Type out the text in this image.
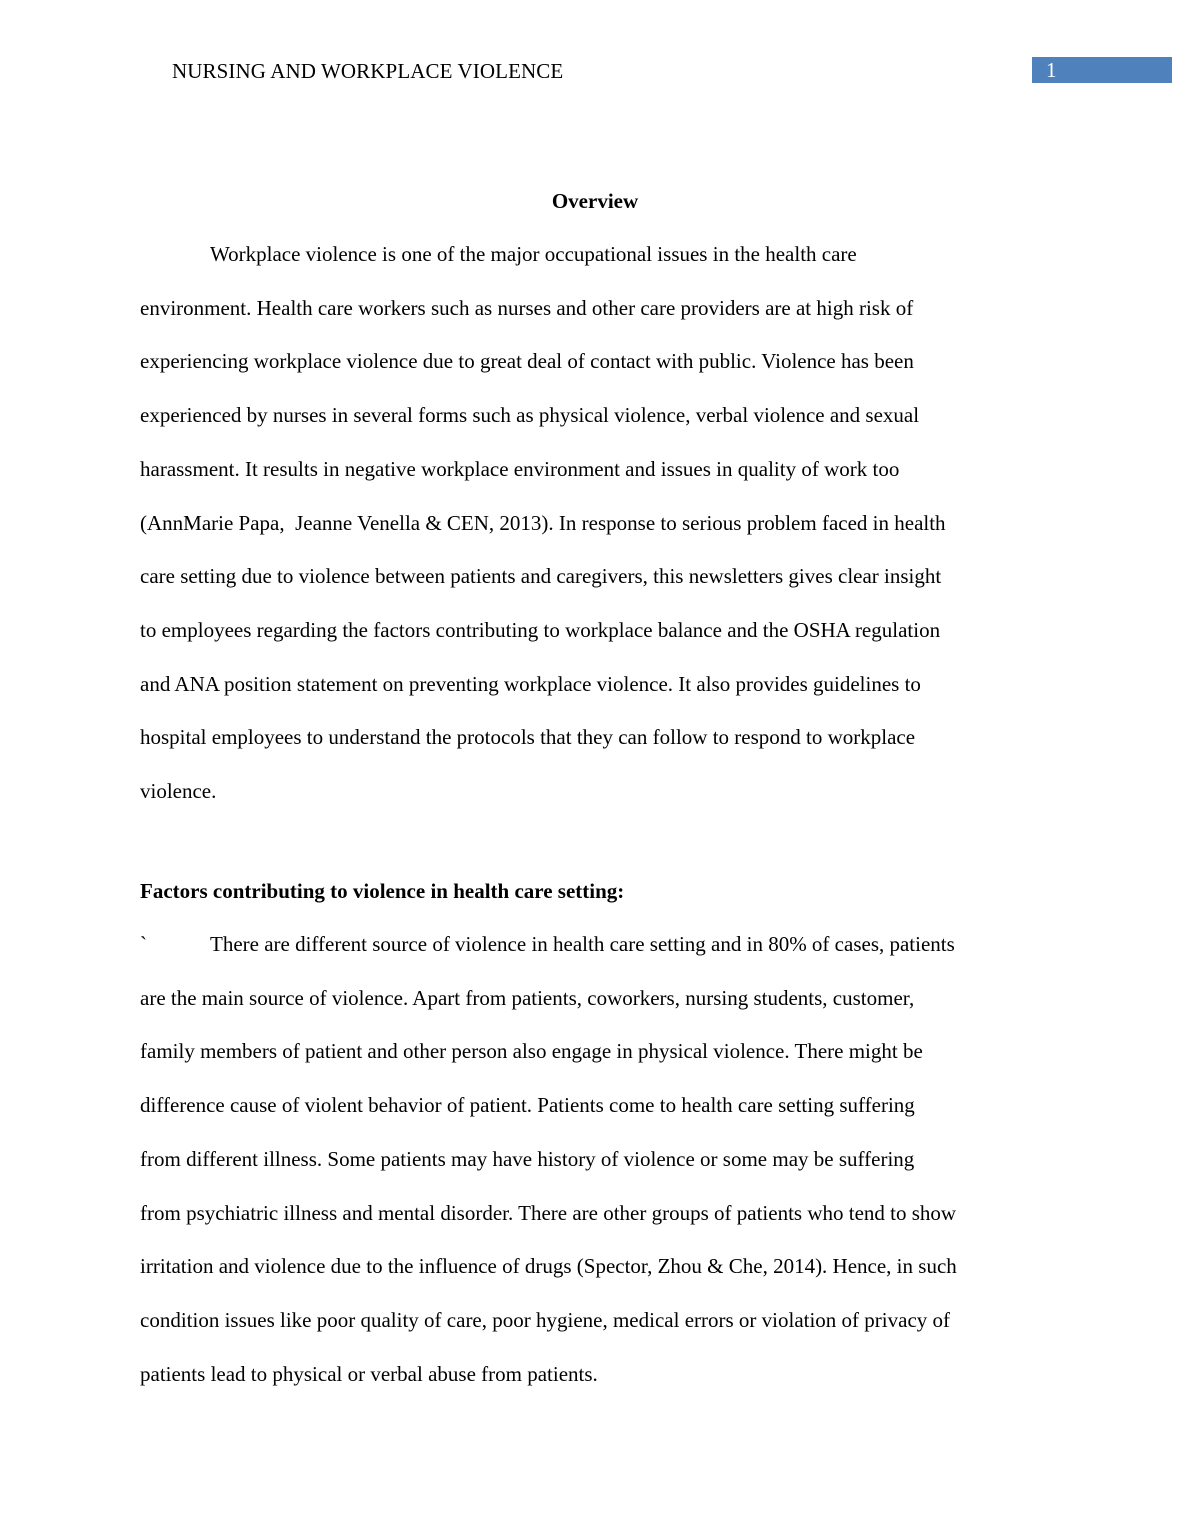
NURSING AND WORKPLACE VIOLENCE	1
Overview

Workplace violence is one of the major occupational issues in the health care
environment. Health care workers such as nurses and other care providers are at high risk of
experiencing workplace violence due to great deal of contact with public. Violence has been
experienced by nurses in several forms such as physical violence, verbal violence and sexual
harassment. It results in negative workplace environment and issues in quality of work too
(AnnMarie Papa,  Jeanne Venella & CEN, 2013). In response to serious problem faced in health
care setting due to violence between patients and caregivers, this newsletters gives clear insight
to employees regarding the factors contributing to workplace balance and the OSHA regulation
and ANA position statement on preventing workplace violence. It also provides guidelines to
hospital employees to understand the protocols that they can follow to respond to workplace
violence.

Factors contributing to violence in health care setting:

`	There are different source of violence in health care setting and in 80% of cases, patients
are the main source of violence. Apart from patients, coworkers, nursing students, customer,
family members of patient and other person also engage in physical violence. There might be
difference cause of violent behavior of patient. Patients come to health care setting suffering
from different illness. Some patients may have history of violence or some may be suffering
from psychiatric illness and mental disorder. There are other groups of patients who tend to show
irritation and violence due to the influence of drugs (Spector, Zhou & Che, 2014). Hence, in such
condition issues like poor quality of care, poor hygiene, medical errors or violation of privacy of
patients lead to physical or verbal abuse from patients.
